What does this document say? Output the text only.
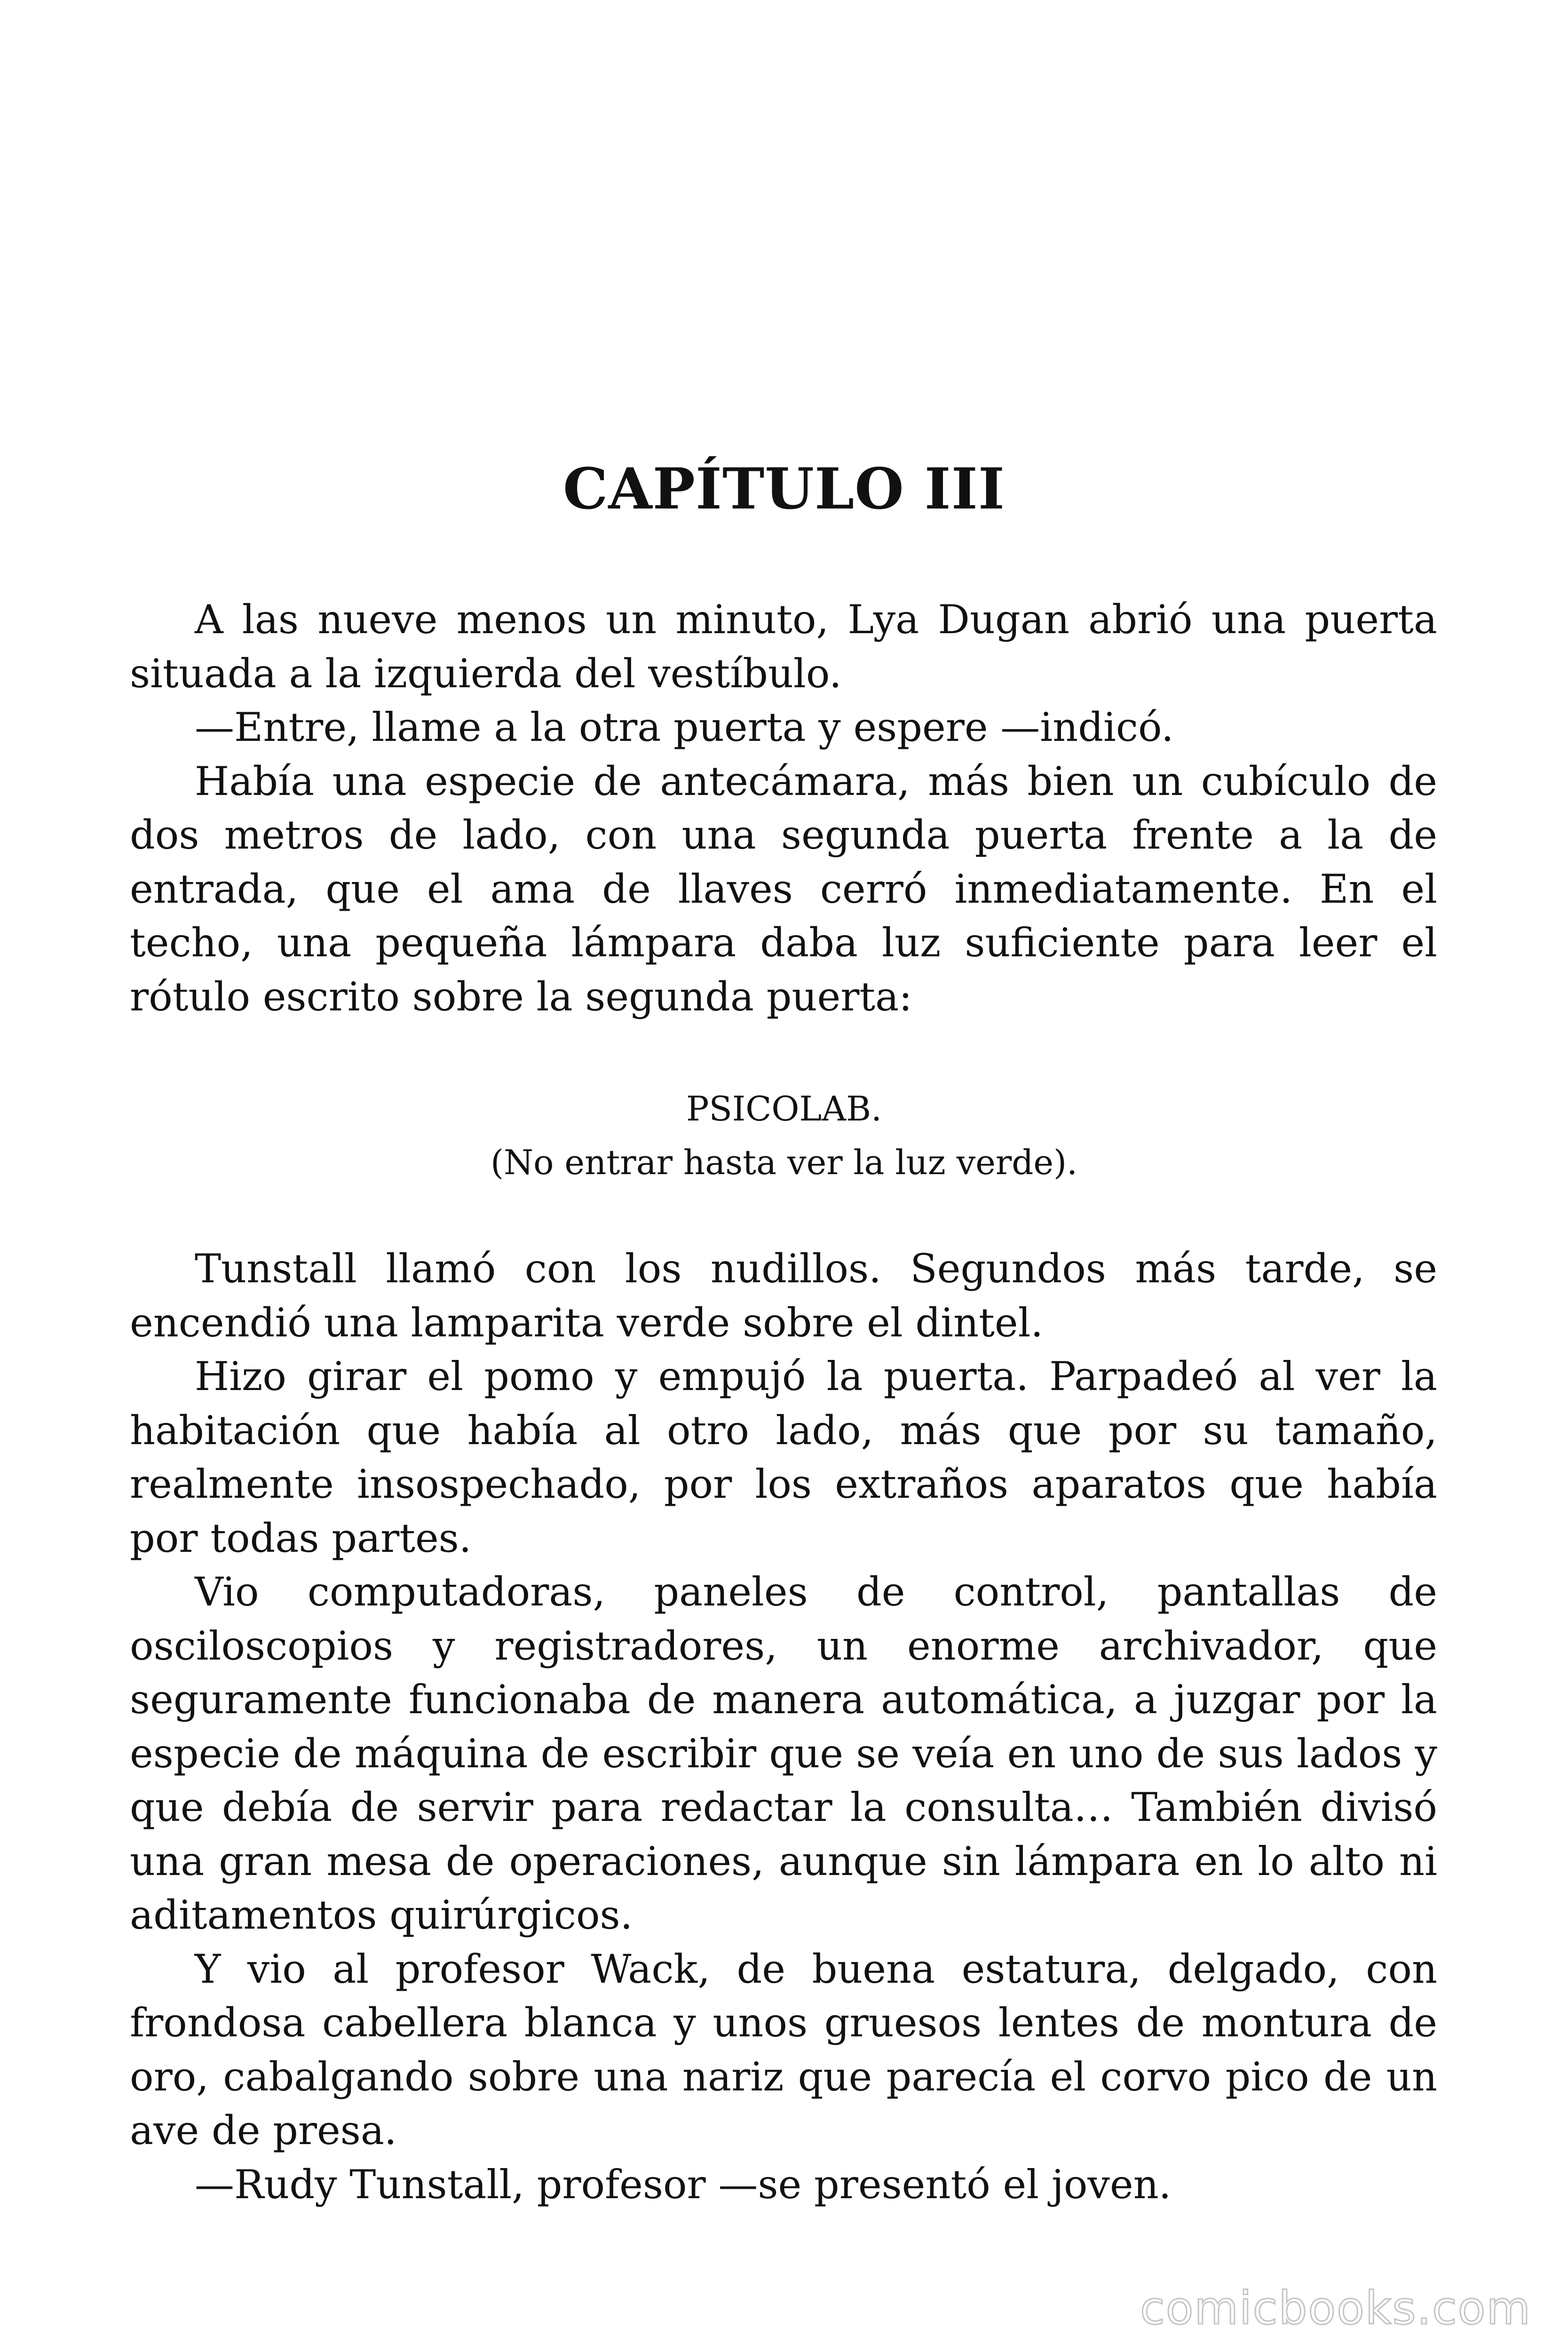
CAPÍTULO III

A las nueve menos un minuto, Lya Dugan abrió una puerta situada a la izquierda del vestíbulo.

—Entre, llame a la otra puerta y espere —indicó.

Había una especie de antecámara, más bien un cubículo de dos metros de lado, con una segunda puerta frente a la de entrada, que el ama de llaves cerró inmediatamente. En el techo, una pequeña lámpara daba luz suficiente para leer el rótulo escrito sobre la segunda puerta:

PSICOLAB.
(No entrar hasta ver la luz verde).

Tunstall llamó con los nudillos. Segundos más tarde, se encendió una lamparita verde sobre el dintel.

Hizo girar el pomo y empujó la puerta. Parpadeó al ver la habitación que había al otro lado, más que por su tamaño, realmente insospechado, por los extraños aparatos que había por todas partes.

Vio computadoras, paneles de control, pantallas de osciloscopios y registradores, un enorme archivador, que seguramente funcionaba de manera automática, a juzgar por la especie de máquina de escribir que se veía en uno de sus lados y que debía de servir para redactar la consulta… También divisó una gran mesa de operaciones, aunque sin lámpara en lo alto ni aditamentos quirúrgicos.

Y vio al profesor Wack, de buena estatura, delgado, con frondosa cabellera blanca y unos gruesos lentes de montura de oro, cabalgando sobre una nariz que parecía el corvo pico de un ave de presa.

—Rudy Tunstall, profesor —se presentó el joven.

comicbooks.com
